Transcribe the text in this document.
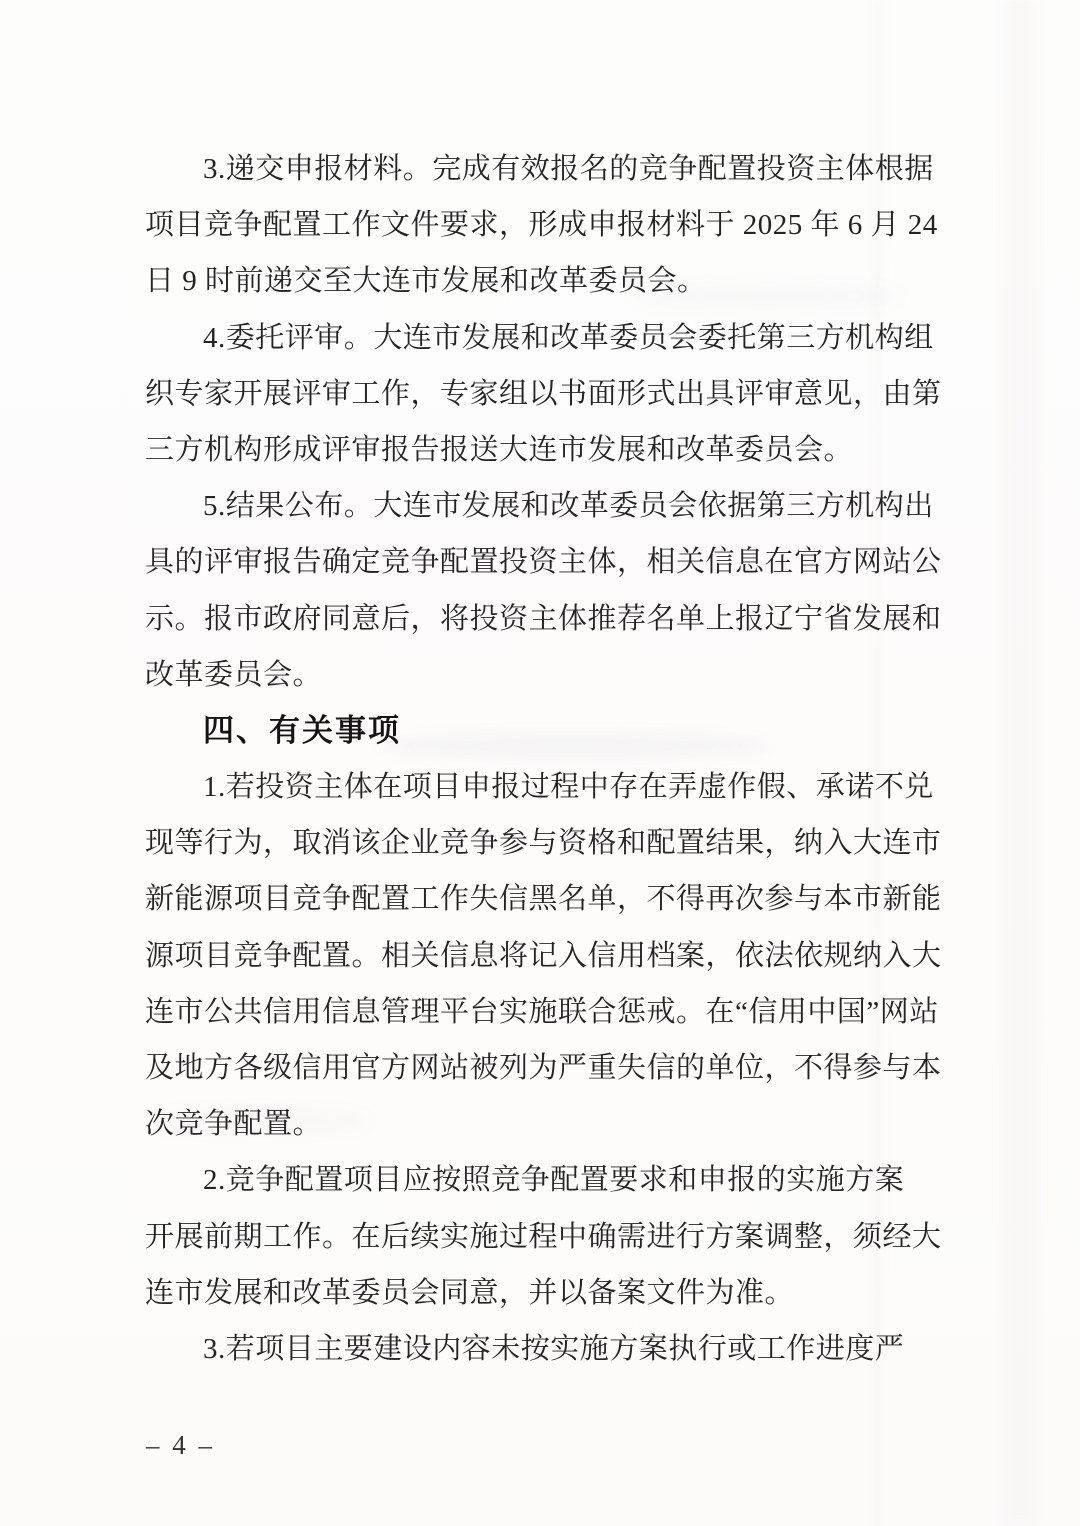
3.递交申报材料。完成有效报名的竞争配置投资主体根据
项目竞争配置工作文件要求，形成申报材料于 2025 年 6 月 24
日 9 时前递交至大连市发展和改革委员会。
4.委托评审。大连市发展和改革委员会委托第三方机构组
织专家开展评审工作，专家组以书面形式出具评审意见，由第
三方机构形成评审报告报送大连市发展和改革委员会。
5.结果公布。大连市发展和改革委员会依据第三方机构出
具的评审报告确定竞争配置投资主体，相关信息在官方网站公
示。报市政府同意后，将投资主体推荐名单上报辽宁省发展和
改革委员会。
四、有关事项
1.若投资主体在项目申报过程中存在弄虚作假、承诺不兑
现等行为，取消该企业竞争参与资格和配置结果，纳入大连市
新能源项目竞争配置工作失信黑名单，不得再次参与本市新能
源项目竞争配置。相关信息将记入信用档案，依法依规纳入大
连市公共信用信息管理平台实施联合惩戒。在“信用中国”网站
及地方各级信用官方网站被列为严重失信的单位，不得参与本
次竞争配置。
2.竞争配置项目应按照竞争配置要求和申报的实施方案
开展前期工作。在后续实施过程中确需进行方案调整，须经大
连市发展和改革委员会同意，并以备案文件为准。
3.若项目主要建设内容未按实施方案执行或工作进度严
– 4 –
